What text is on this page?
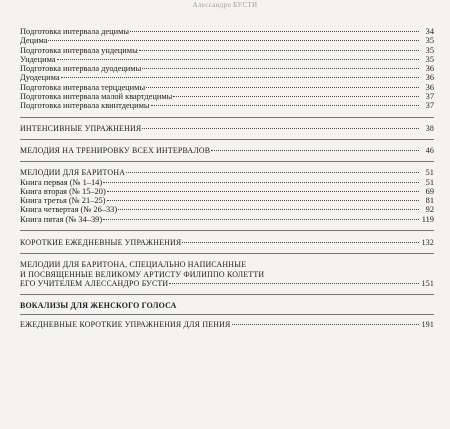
Алессандро БУСТИ
Подготовка интервала децимы	34
Децима	35
Подготовка интервала ундецимы	35
Ундецима	35
Подготовка интервала дуодецимы	36
Дуодецима	36
Подготовка интервала терцдецимы	36
Подготовка интервала малой квартдецимы	37
Подготовка интервала квинтдецимы	37
ИНТЕНСИВНЫЕ УПРАЖНЕНИЯ	38
МЕЛОДИЯ НА ТРЕНИРОВКУ ВСЕХ ИНТЕРВАЛОВ	46
МЕЛОДИИ ДЛЯ БАРИТОНА	51
Книга первая (№ 1–14)	51
Книга вторая (№ 15–20)	69
Книга третья (№ 21–25)	81
Книга четвертая (№ 26–33)	92
Книга пятая (№ 34–39)	119
КОРОТКИЕ ЕЖЕДНЕВНЫЕ УПРАЖНЕНИЯ	132
МЕЛОДИИ ДЛЯ БАРИТОНА, СПЕЦИАЛЬНО НАПИСАННЫЕ
И ПОСВЯЩЕННЫЕ ВЕЛИКОМУ АРТИСТУ ФИЛИППО КОЛЕТТИ
ЕГО УЧИТЕЛЕМ АЛЕССАНДРО БУСТИ	151
ВОКАЛИЗЫ ДЛЯ ЖЕНСКОГО ГОЛОСА
ЕЖЕДНЕВНЫЕ КОРОТКИЕ УПРАЖНЕНИЯ ДЛЯ ПЕНИЯ	191
